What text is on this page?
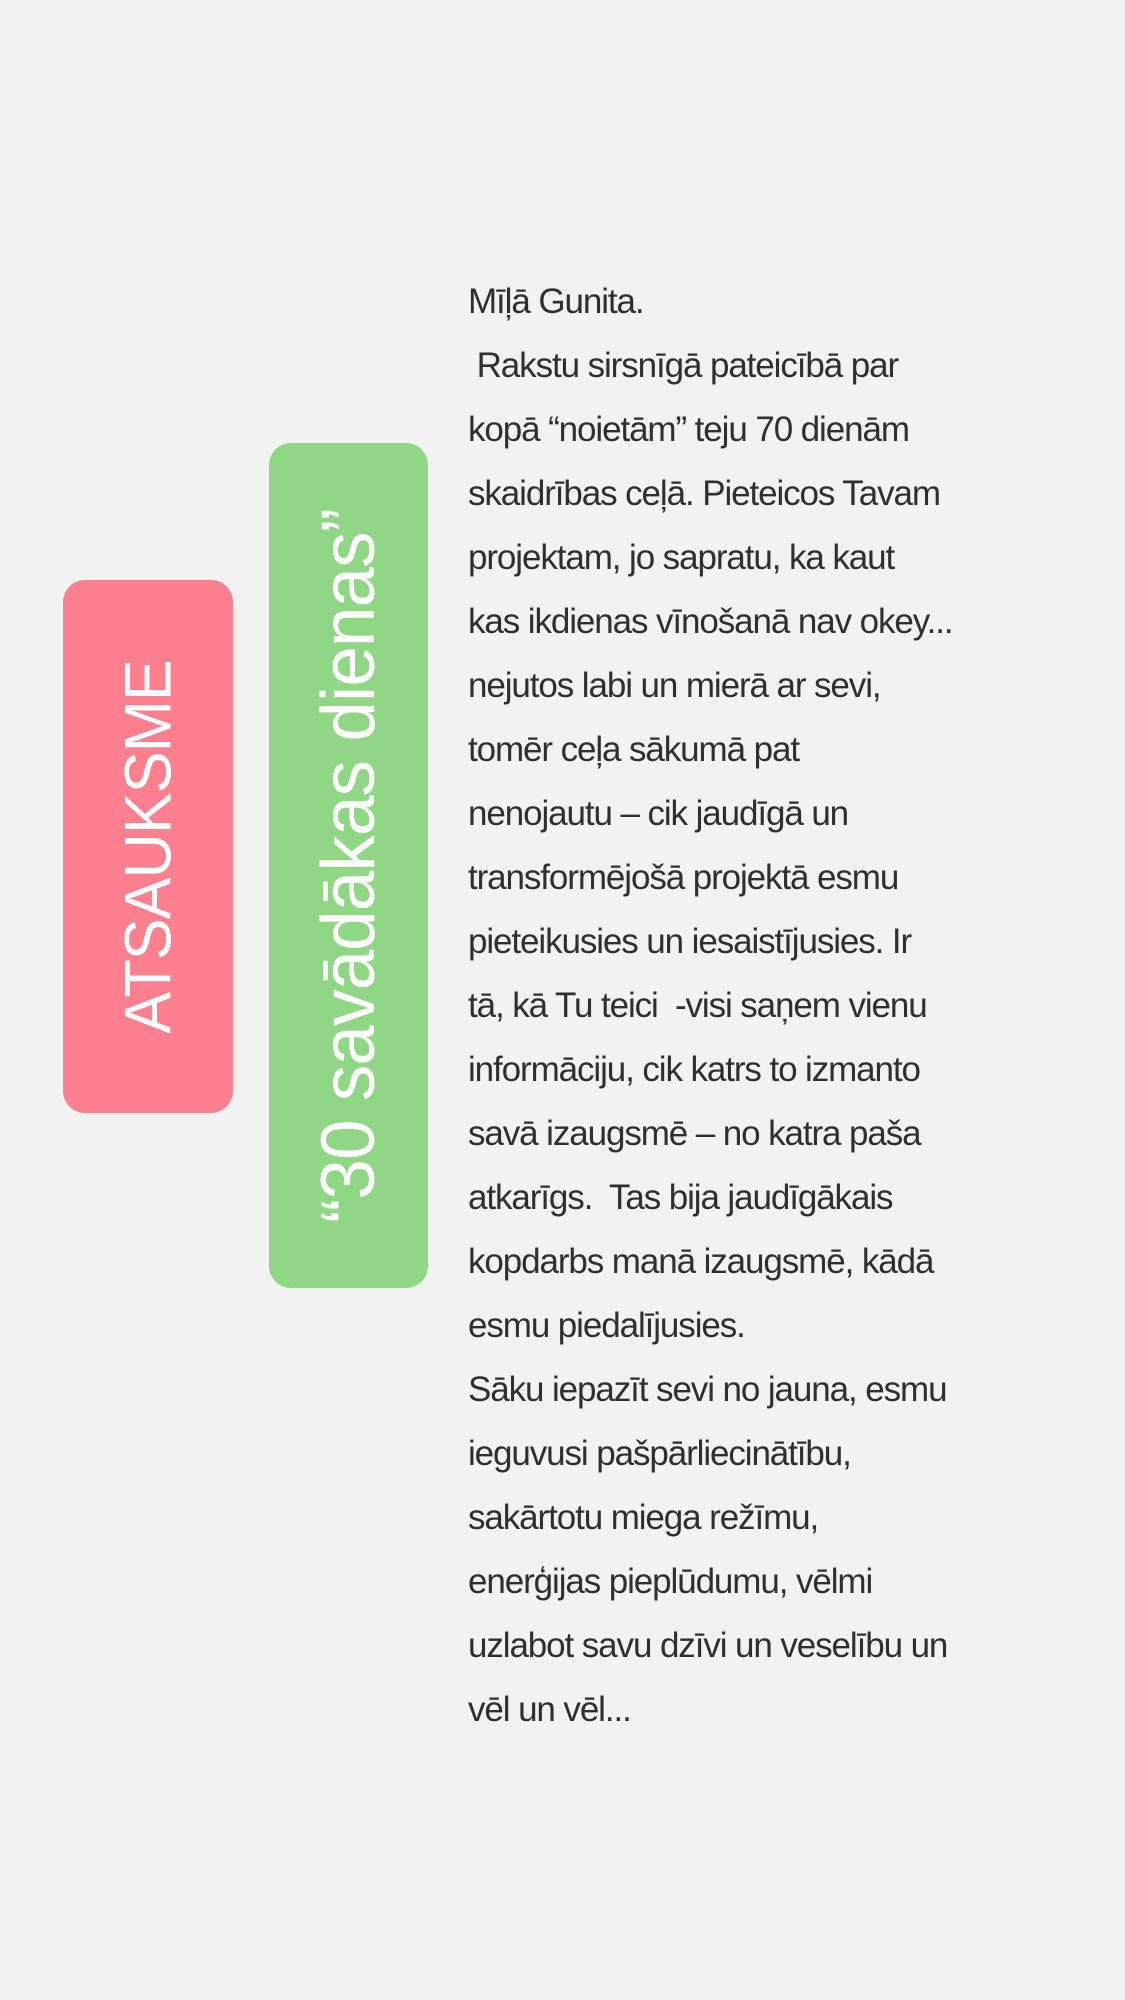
ATSAUKSME “30 savādākas dienas”
Mīļā Gunita.
Rakstu sirsnīgā pateicībā par
kopā “noietām” teju 70 dienām
skaidrības ceļā. Pieteicos Tavam
projektam, jo sapratu, ka kaut
kas ikdienas vīnošanā nav okey...
nejutos labi un mierā ar sevi,
tomēr ceļa sākumā pat
nenojautu – cik jaudīgā un
transformējošā projektā esmu
pieteikusies un iesaistījusies. Ir
tā, kā Tu teici  -visi saņem vienu
informāciju, cik katrs to izmanto
savā izaugsmē – no katra paša
atkarīgs.  Tas bija jaudīgākais
kopdarbs manā izaugsmē, kādā
esmu piedalījusies.
Sāku iepazīt sevi no jauna, esmu
ieguvusi pašpārliecinātību,
sakārtotu miega režīmu,
enerģijas pieplūdumu, vēlmi
uzlabot savu dzīvi un veselību un
vēl un vēl...
